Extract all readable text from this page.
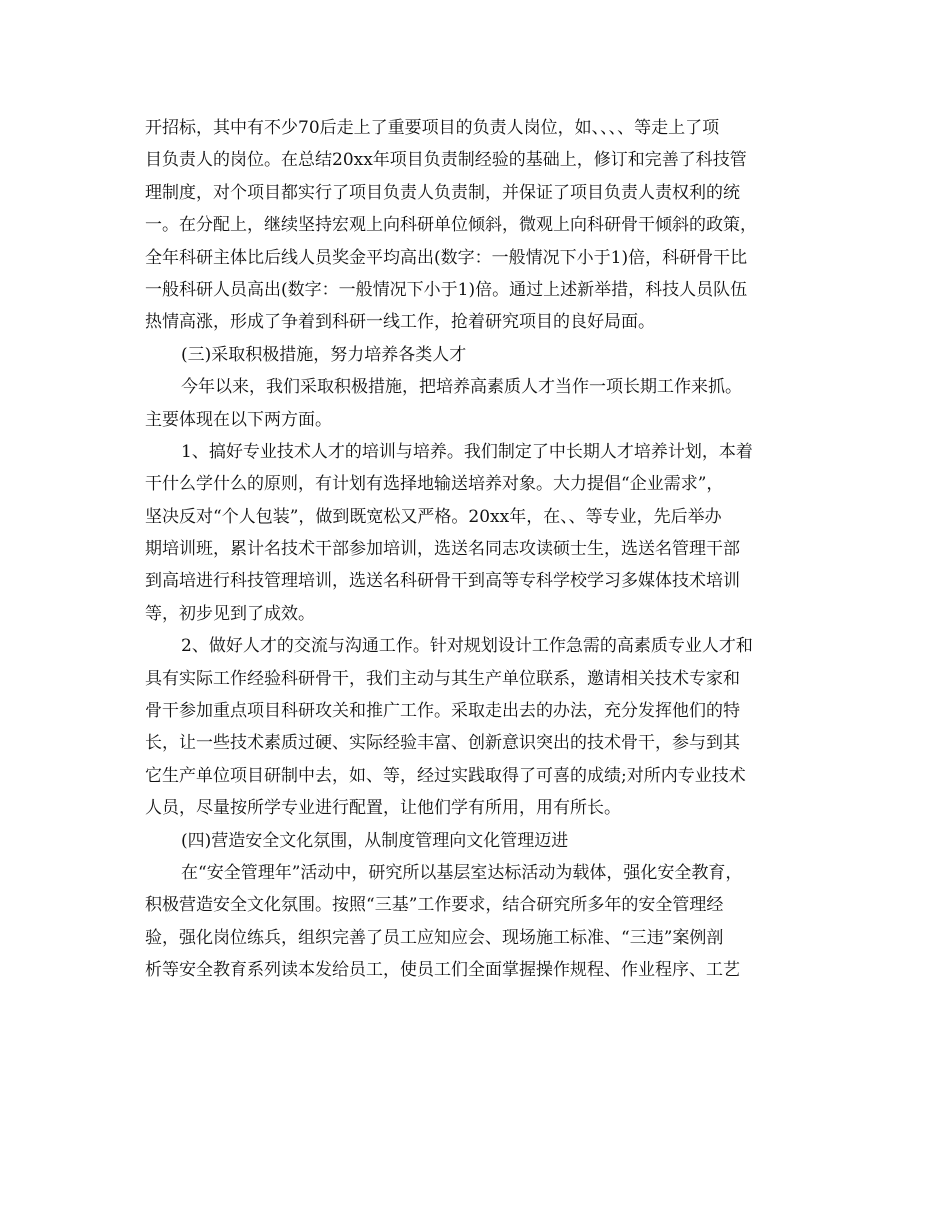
开招标，其中有不少70后走上了重要项目的负责人岗位，如、、、、等走上了项
目负责人的岗位。在总结20xx年项目负责制经验的基础上，修订和完善了科技管
理制度，对个项目都实行了项目负责人负责制，并保证了项目负责人责权利的统
一。在分配上，继续坚持宏观上向科研单位倾斜，微观上向科研骨干倾斜的政策，
全年科研主体比后线人员奖金平均高出(数字：一般情况下小于1)倍，科研骨干比
一般科研人员高出(数字：一般情况下小于1)倍。通过上述新举措，科技人员队伍
热情高涨，形成了争着到科研一线工作，抢着研究项目的良好局面。
(三)采取积极措施，努力培养各类人才
今年以来，我们采取积极措施，把培养高素质人才当作一项长期工作来抓。
主要体现在以下两方面。
1、搞好专业技术人才的培训与培养。我们制定了中长期人才培养计划，本着
干什么学什么的原则，有计划有选择地输送培养对象。大力提倡“企业需求”，
坚决反对“个人包装”，做到既宽松又严格。20xx年，在、、等专业，先后举办
期培训班，累计名技术干部参加培训，选送名同志攻读硕士生，选送名管理干部
到高培进行科技管理培训，选送名科研骨干到高等专科学校学习多媒体技术培训
等，初步见到了成效。
2、做好人才的交流与沟通工作。针对规划设计工作急需的高素质专业人才和
具有实际工作经验科研骨干，我们主动与其生产单位联系，邀请相关技术专家和
骨干参加重点项目科研攻关和推广工作。采取走出去的办法，充分发挥他们的特
长，让一些技术素质过硬、实际经验丰富、创新意识突出的技术骨干，参与到其
它生产单位项目研制中去，如、等，经过实践取得了可喜的成绩;对所内专业技术
人员，尽量按所学专业进行配置，让他们学有所用，用有所长。
(四)营造安全文化氛围，从制度管理向文化管理迈进
在“安全管理年”活动中，研究所以基层室达标活动为载体，强化安全教育，
积极营造安全文化氛围。按照“三基”工作要求，结合研究所多年的安全管理经
验，强化岗位练兵，组织完善了员工应知应会、现场施工标准、“三违”案例剖
析等安全教育系列读本发给员工，使员工们全面掌握操作规程、作业程序、工艺
